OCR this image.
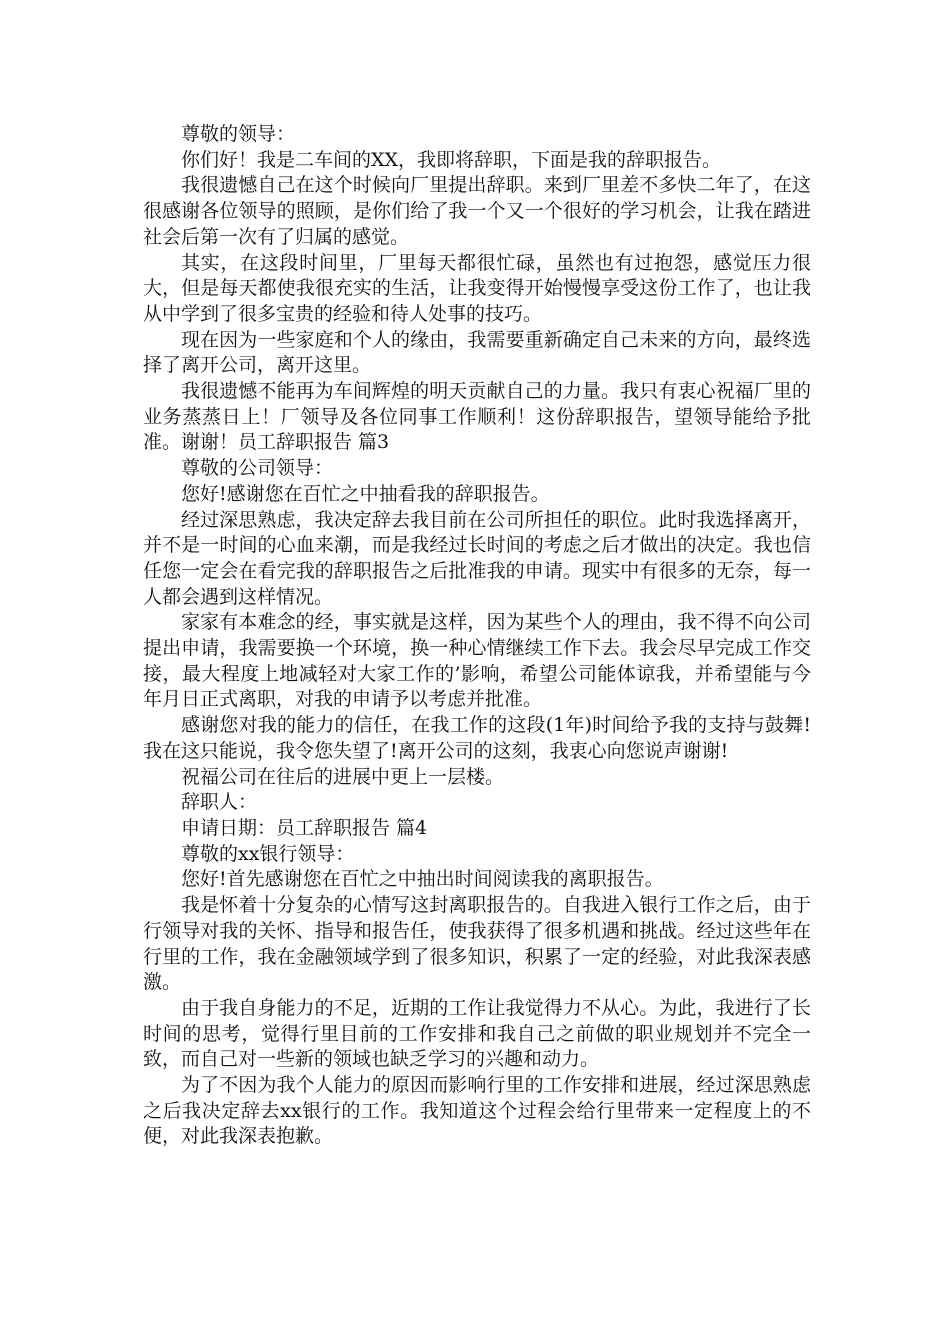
尊敬的领导：

你们好！我是二车间的XX，我即将辞职，下面是我的辞职报告。

我很遗憾自己在这个时候向厂里提出辞职。来到厂里差不多快二年了，在这很感谢各位领导的照顾，是你们给了我一个又一个很好的学习机会，让我在踏进社会后第一次有了归属的感觉。

其实，在这段时间里，厂里每天都很忙碌，虽然也有过抱怨，感觉压力很大，但是每天都使我很充实的生活，让我变得开始慢慢享受这份工作了，也让我从中学到了很多宝贵的经验和待人处事的技巧。

现在因为一些家庭和个人的缘由，我需要重新确定自己未来的方向，最终选择了离开公司，离开这里。

我很遗憾不能再为车间辉煌的明天贡献自己的力量。我只有衷心祝福厂里的业务蒸蒸日上！厂领导及各位同事工作顺利！这份辞职报告，望领导能给予批准。谢谢！员工辞职报告 篇3

尊敬的公司领导：

您好!感谢您在百忙之中抽看我的辞职报告。

经过深思熟虑，我决定辞去我目前在公司所担任的职位。此时我选择离开，并不是一时间的心血来潮，而是我经过长时间的考虑之后才做出的决定。我也信任您一定会在看完我的辞职报告之后批准我的申请。现实中有很多的无奈，每一人都会遇到这样情况。

家家有本难念的经，事实就是这样，因为某些个人的理由，我不得不向公司提出申请，我需要换一个环境，换一种心情继续工作下去。我会尽早完成工作交接，最大程度上地减轻对大家工作的’影响，希望公司能体谅我，并希望能与今年月日正式离职，对我的申请予以考虑并批准。

感谢您对我的能力的信任，在我工作的这段(1年)时间给予我的支持与鼓舞!我在这只能说，我令您失望了!离开公司的这刻，我衷心向您说声谢谢!

祝福公司在往后的进展中更上一层楼。

辞职人：

申请日期：员工辞职报告 篇4

尊敬的xx银行领导：

您好!首先感谢您在百忙之中抽出时间阅读我的离职报告。

我是怀着十分复杂的心情写这封离职报告的。自我进入银行工作之后，由于行领导对我的关怀、指导和报告任，使我获得了很多机遇和挑战。经过这些年在行里的工作，我在金融领域学到了很多知识，积累了一定的经验，对此我深表感激。

由于我自身能力的不足，近期的工作让我觉得力不从心。为此，我进行了长时间的思考，觉得行里目前的工作安排和我自己之前做的职业规划并不完全一致，而自己对一些新的领域也缺乏学习的兴趣和动力。

为了不因为我个人能力的原因而影响行里的工作安排和进展，经过深思熟虑之后我决定辞去xx银行的工作。我知道这个过程会给行里带来一定程度上的不便，对此我深表抱歉。
